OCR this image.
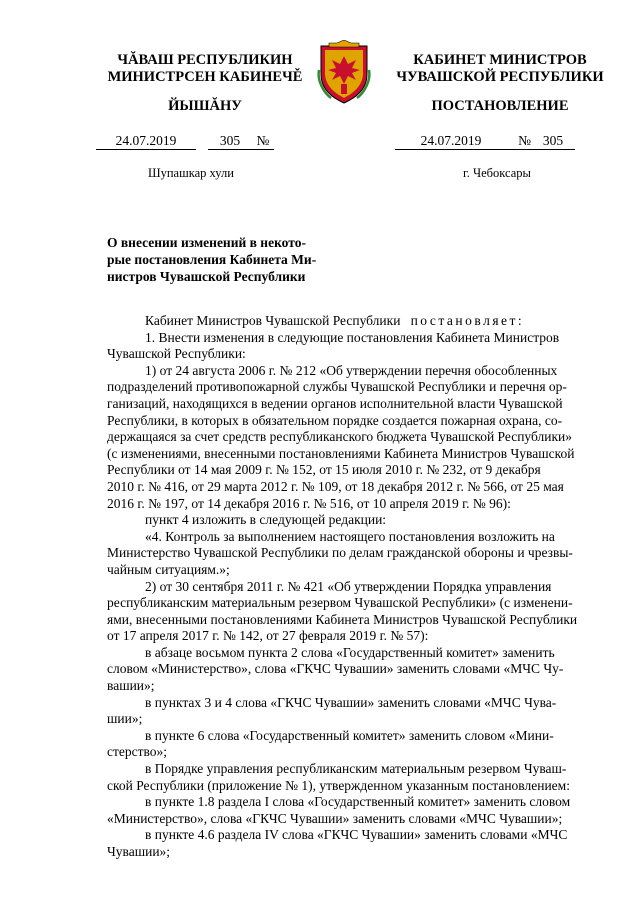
ЧĂВАШ РЕСПУБЛИКИН
МИНИСТРСЕН КАБИНЕЧĚ
ЙЫШĂНУ
КАБИНЕТ МИНИСТРОВ
ЧУВАШСКОЙ РЕСПУБЛИКИ
ПОСТАНОВЛЕНИЕ
24.07.2019	305 №	24.07.2019	№ 305
Шупашкар хули	г. Чебоксары
О внесении изменений в некото-
рые постановления Кабинета Ми-
нистров Чувашской Республики
Кабинет Министров Чувашской Республики постановляет:
1. Внести изменения в следующие постановления Кабинета Министров
Чувашской Республики:
1) от 24 августа 2006 г. № 212 «Об утверждении перечня обособленных
подразделений противопожарной службы Чувашской Республики и перечня ор-
ганизаций, находящихся в ведении органов исполнительной власти Чувашской
Республики, в которых в обязательном порядке создается пожарная охрана, со-
держащаяся за счет средств республиканского бюджета Чувашской Республики»
(с изменениями, внесенными постановлениями Кабинета Министров Чувашской
Республики от 14 мая 2009 г. № 152, от 15 июля 2010 г. № 232, от 9 декабря
2010 г. № 416, от 29 марта 2012 г. № 109, от 18 декабря 2012 г. № 566, от 25 мая
2016 г. № 197, от 14 декабря 2016 г. № 516, от 10 апреля 2019 г. № 96):
пункт 4 изложить в следующей редакции:
«4. Контроль за выполнением настоящего постановления возложить на
Министерство Чувашской Республики по делам гражданской обороны и чрезвы-
чайным ситуациям.»;
2) от 30 сентября 2011 г. № 421 «Об утверждении Порядка управления
республиканским материальным резервом Чувашской Республики» (с изменени-
ями, внесенными постановлениями Кабинета Министров Чувашской Республики
от 17 апреля 2017 г. № 142, от 27 февраля 2019 г. № 57):
в абзаце восьмом пункта 2 слова «Государственный комитет» заменить
словом «Министерство», слова «ГКЧС Чувашии» заменить словами «МЧС Чу-
вашии»;
в пунктах 3 и 4 слова «ГКЧС Чувашии» заменить словами «МЧС Чува-
шии»;
в пункте 6 слова «Государственный комитет» заменить словом «Мини-
стерство»;
в Порядке управления республиканским материальным резервом Чуваш-
ской Республики (приложение № 1), утвержденном указанным постановлением:
в пункте 1.8 раздела I слова «Государственный комитет» заменить словом
«Министерство», слова «ГКЧС Чувашии» заменить словами «МЧС Чувашии»;
в пункте 4.6 раздела IV слова «ГКЧС Чувашии» заменить словами «МЧС
Чувашии»;
